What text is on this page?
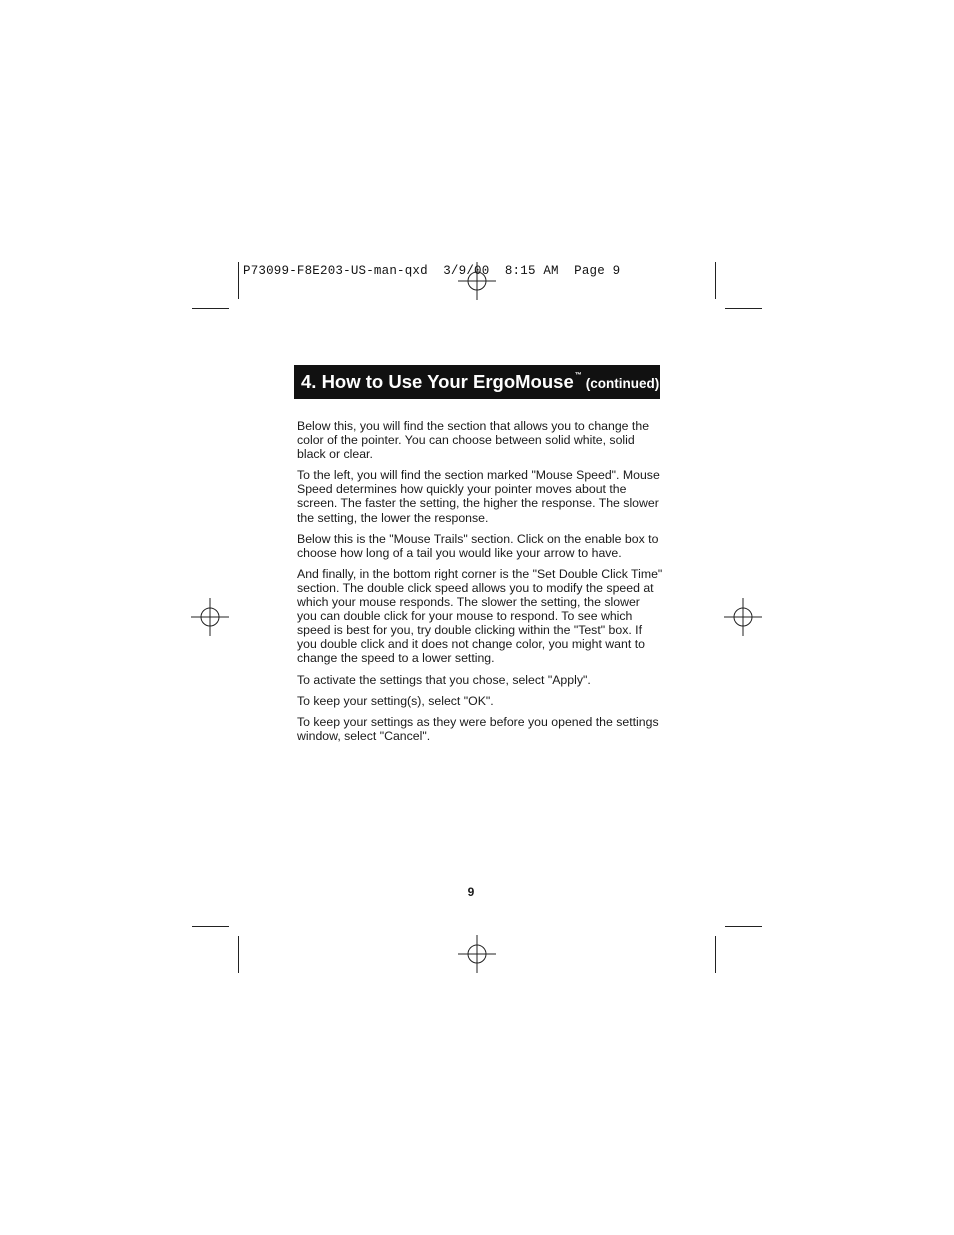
P73099-F8E203-US-man-qxd  3/9/00  8:15 AM  Page 9
4. How to Use Your ErgoMouse ™
(continued)

Below this, you will find the section that allows you to change the color of the pointer. You can choose between solid white, solid black or clear.

To the left, you will find the section marked "Mouse Speed". Mouse Speed determines how quickly your pointer moves about the screen. The faster the setting, the higher the response. The slower the setting, the lower the response.

Below this is the "Mouse Trails" section. Click on the enable box to choose how long of a tail you would like your arrow to have.

And finally, in the bottom right corner is the "Set Double Click Time" section. The double click speed allows you to modify the speed at which your mouse responds. The slower the setting, the slower you can double click for your mouse to respond. To see which speed is best for you, try double clicking within the "Test" box. If you double click and it does not change color, you might want to change the speed to a lower setting.

To activate the settings that you chose, select "Apply".

To keep your setting(s), select "OK".

To keep your settings as they were before you opened the settings window, select "Cancel".

9
